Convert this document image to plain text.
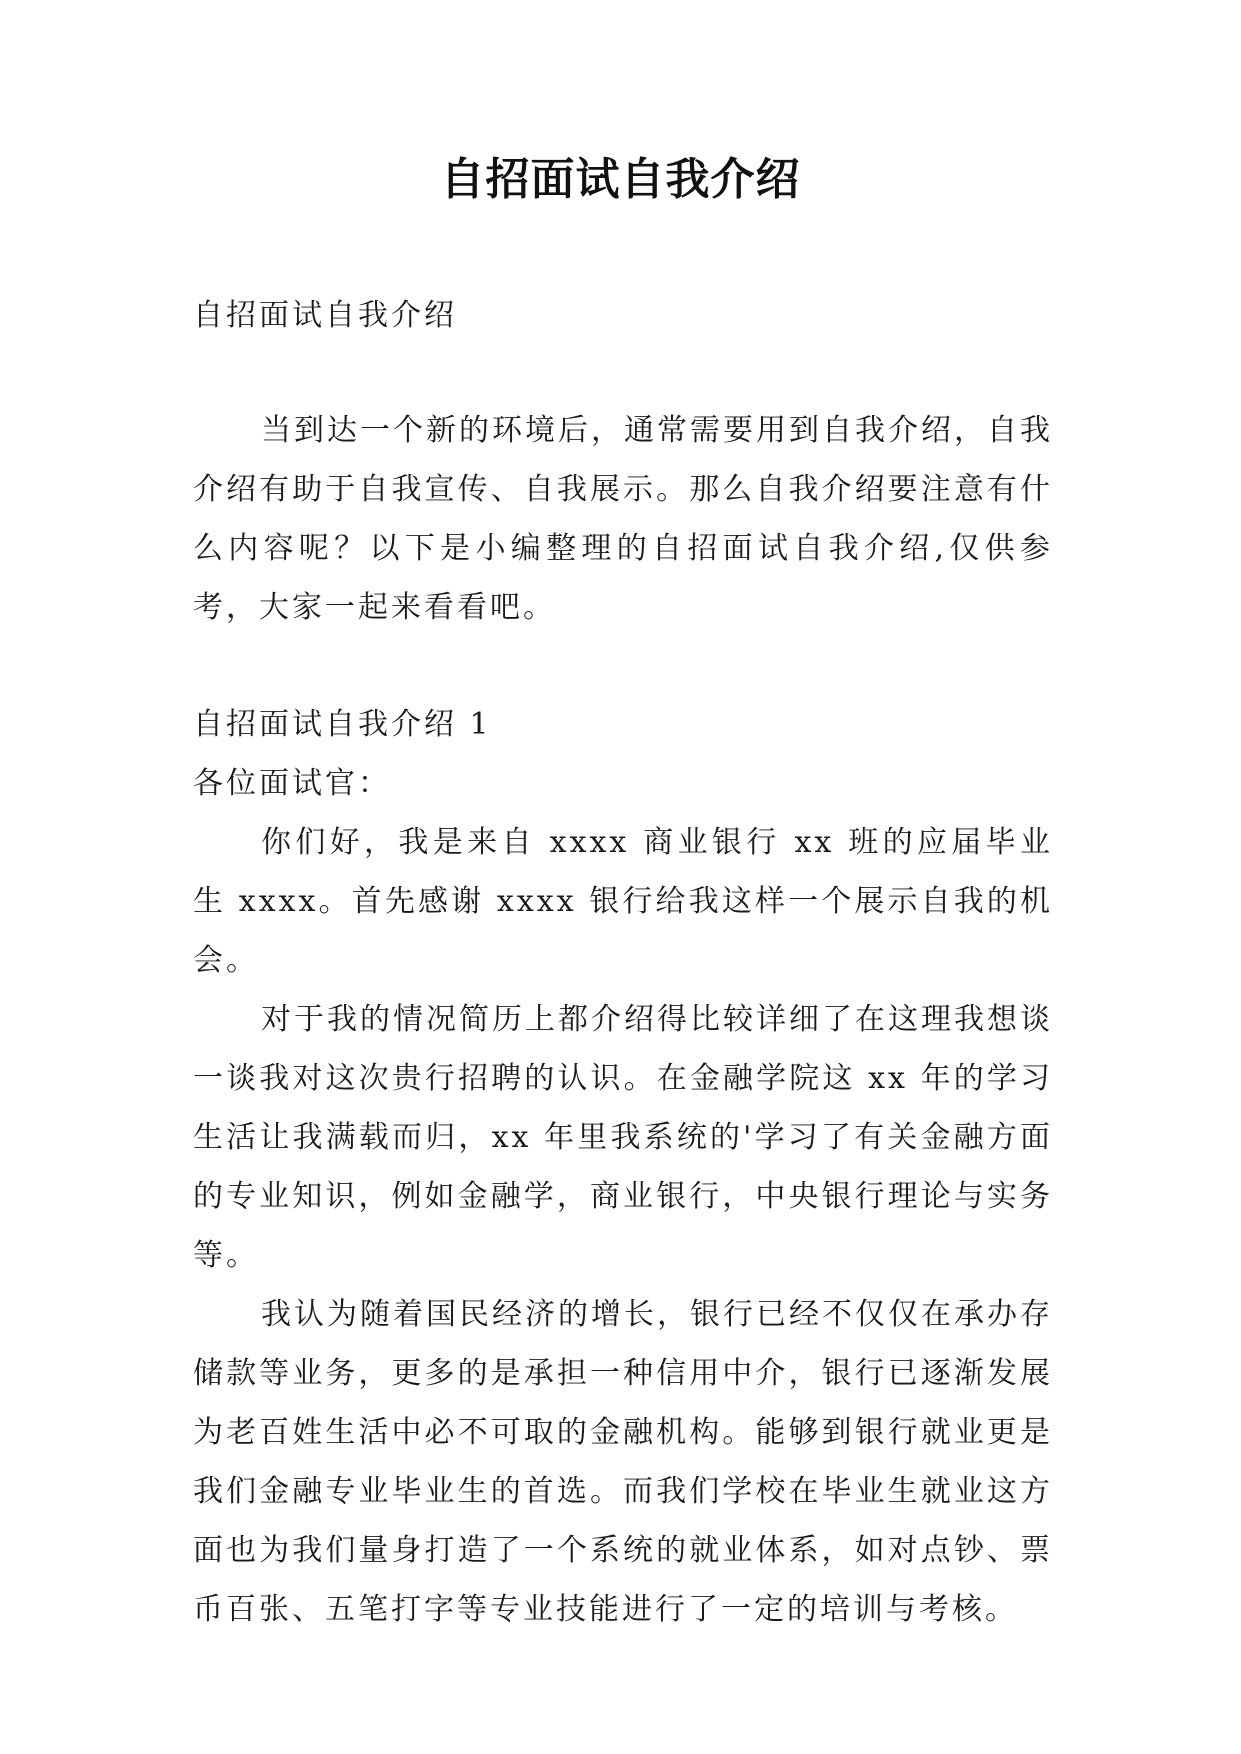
自招面试自我介绍

自招面试自我介绍

当到达一个新的环境后，通常需要用到自我介绍，自我介绍有助于自我宣传、自我展示。那么自我介绍要注意有什么内容呢？以下是小编整理的自招面试自我介绍,仅供参考，大家一起来看看吧。

自招面试自我介绍 1

各位面试官：

你们好，我是来自 xxxx 商业银行 xx 班的应届毕业生 xxxx。首先感谢 xxxx 银行给我这样一个展示自我的机会。

对于我的情况简历上都介绍得比较详细了在这理我想谈一谈我对这次贵行招聘的认识。在金融学院这 xx 年的学习生活让我满载而归，xx 年里我系统的'学习了有关金融方面的专业知识，例如金融学，商业银行，中央银行理论与实务等。

我认为随着国民经济的增长，银行已经不仅仅在承办存储款等业务，更多的是承担一种信用中介，银行已逐渐发展为老百姓生活中必不可取的金融机构。能够到银行就业更是我们金融专业毕业生的首选。而我们学校在毕业生就业这方面也为我们量身打造了一个系统的就业体系，如对点钞、票币百张、五笔打字等专业技能进行了一定的培训与考核。
